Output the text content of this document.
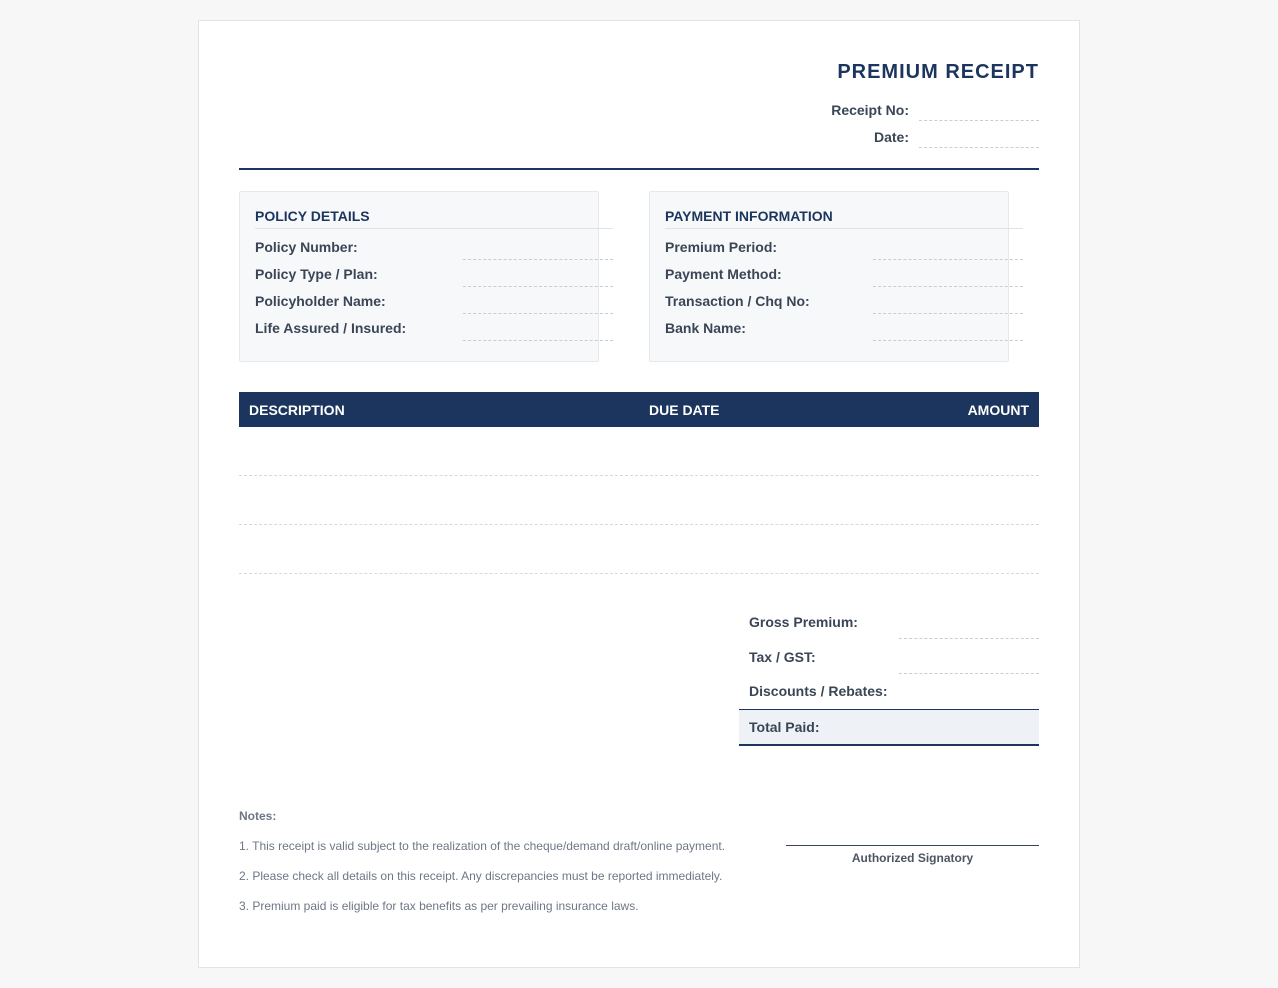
PREMIUM RECEIPT
Receipt No:
Date:
POLICY DETAILS
Policy Number:
Policy Type / Plan:
Policyholder Name:
Life Assured / Insured:
PAYMENT INFORMATION
Premium Period:
Payment Method:
Transaction / Chq No:
Bank Name:
DESCRIPTION	DUE DATE	AMOUNT
Gross Premium:
Tax / GST:
Discounts / Rebates:
Total Paid:
Notes:
1. This receipt is valid subject to the realization of the cheque/demand draft/online payment.
2. Please check all details on this receipt. Any discrepancies must be reported immediately.
3. Premium paid is eligible for tax benefits as per prevailing insurance laws.
Authorized Signatory
